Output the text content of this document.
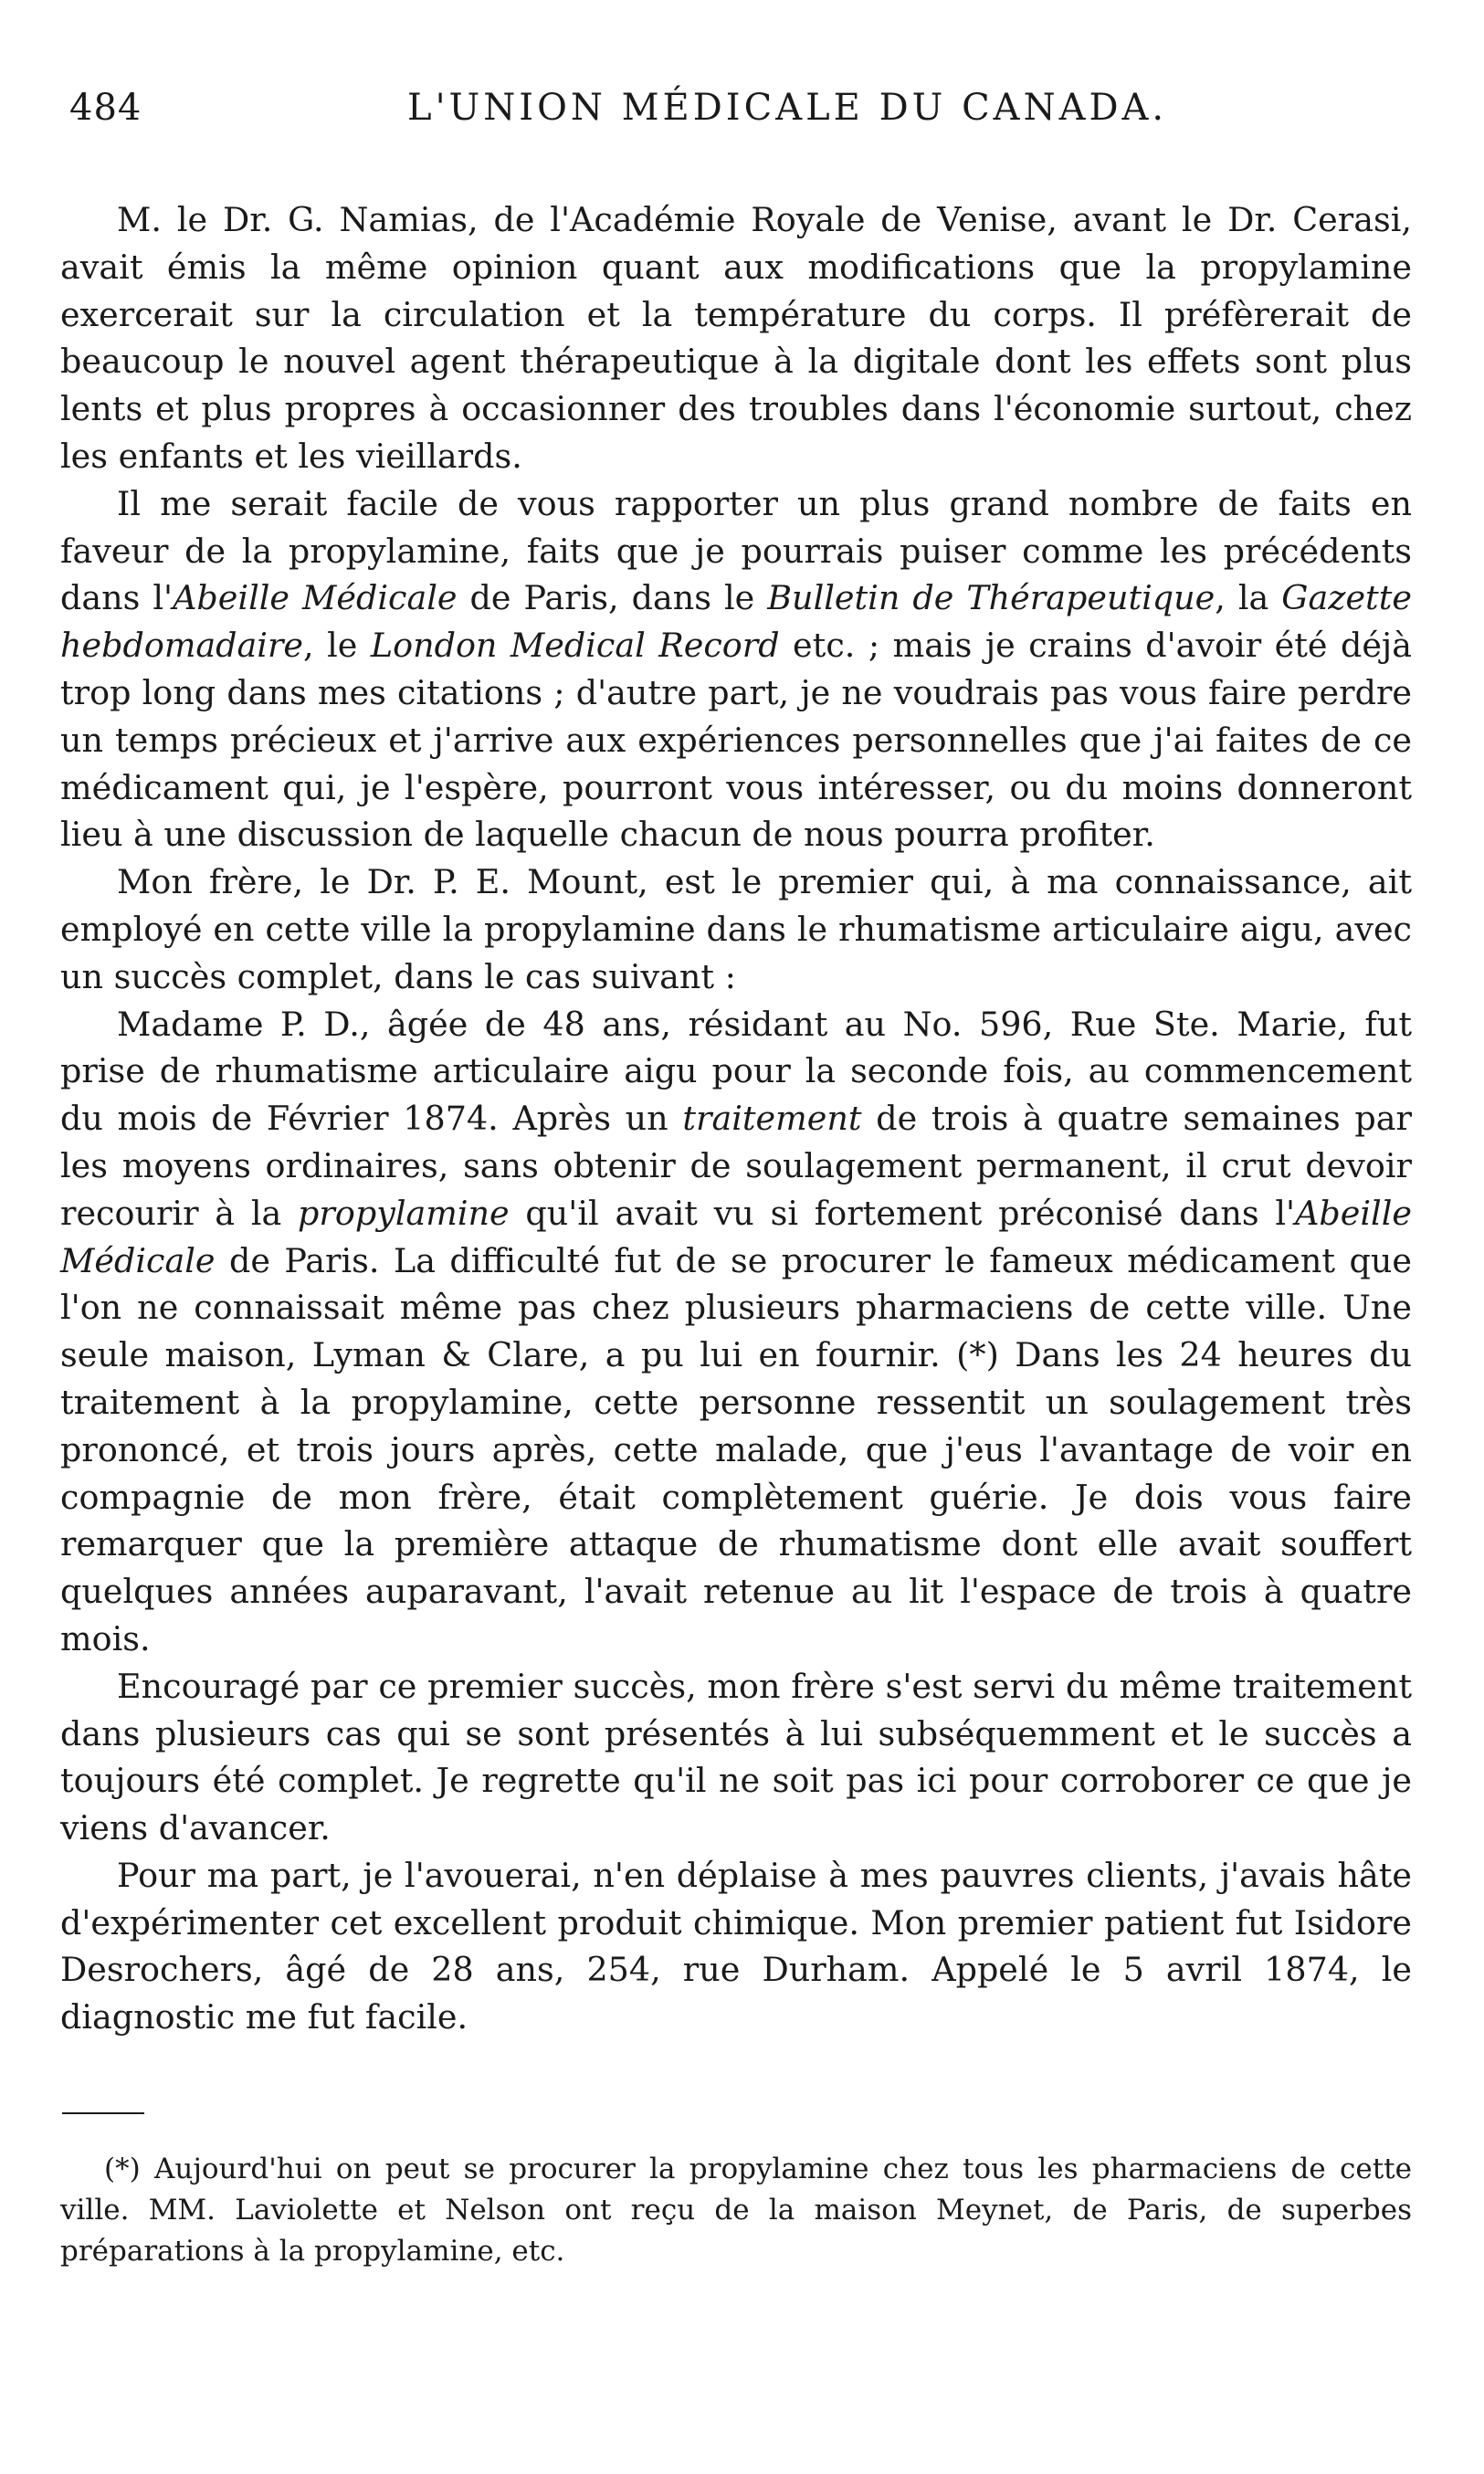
484	L'UNION MÉDICALE DU CANADA.

M. le Dr. G. Namias, de l'Académie Royale de Venise, avant le Dr. Cerasi, avait émis la même opinion quant aux modifications que la propylamine exercerait sur la circulation et la température du corps. Il préfèrerait de beaucoup le nouvel agent thérapeutique à la digitale dont les effets sont plus lents et plus propres à occasionner des troubles dans l'économie surtout, chez les enfants et les vieillards.

Il me serait facile de vous rapporter un plus grand nombre de faits en faveur de la propylamine, faits que je pourrais puiser comme les précédents dans l'Abeille Médicale de Paris, dans le Bulletin de Thérapeutique, la Gazette hebdomadaire, le London Medical Record etc. ; mais je crains d'avoir été déjà trop long dans mes citations ; d'autre part, je ne voudrais pas vous faire perdre un temps précieux et j'arrive aux expériences personnelles que j'ai faites de ce médicament qui, je l'espère, pourront vous intéresser, ou du moins donneront lieu à une discussion de laquelle chacun de nous pourra profiter.

Mon frère, le Dr. P. E. Mount, est le premier qui, à ma connaissance, ait employé en cette ville la propylamine dans le rhumatisme articulaire aigu, avec un succès complet, dans le cas suivant :

Madame P. D., âgée de 48 ans, résidant au No. 596, Rue Ste. Marie, fut prise de rhumatisme articulaire aigu pour la seconde fois, au commencement du mois de Février 1874. Après un traitement de trois à quatre semaines par les moyens ordinaires, sans obtenir de soulagement permanent, il crut devoir recourir à la propylamine qu'il avait vu si fortement préconisé dans l'Abeille Médicale de Paris. La difficulté fut de se procurer le fameux médicament que l'on ne connaissait même pas chez plusieurs pharmaciens de cette ville. Une seule maison, Lyman & Clare, a pu lui en fournir. (*) Dans les 24 heures du traitement à la propylamine, cette personne ressentit un soulagement très prononcé, et trois jours après, cette malade, que j'eus l'avantage de voir en compagnie de mon frère, était complètement guérie. Je dois vous faire remarquer que la première attaque de rhumatisme dont elle avait souffert quelques années auparavant, l'avait retenue au lit l'espace de trois à quatre mois.

Encouragé par ce premier succès, mon frère s'est servi du même traitement dans plusieurs cas qui se sont présentés à lui subséquemment et le succès a toujours été complet. Je regrette qu'il ne soit pas ici pour corroborer ce que je viens d'avancer.

Pour ma part, je l'avouerai, n'en déplaise à mes pauvres clients, j'avais hâte d'expérimenter cet excellent produit chimique. Mon premier patient fut Isidore Desrochers, âgé de 28 ans, 254, rue Durham. Appelé le 5 avril 1874, le diagnostic me fut facile.

(*) Aujourd'hui on peut se procurer la propylamine chez tous les pharmaciens de cette ville. MM. Laviolette et Nelson ont reçu de la maison Meynet, de Paris, de superbes préparations à la propylamine, etc.
